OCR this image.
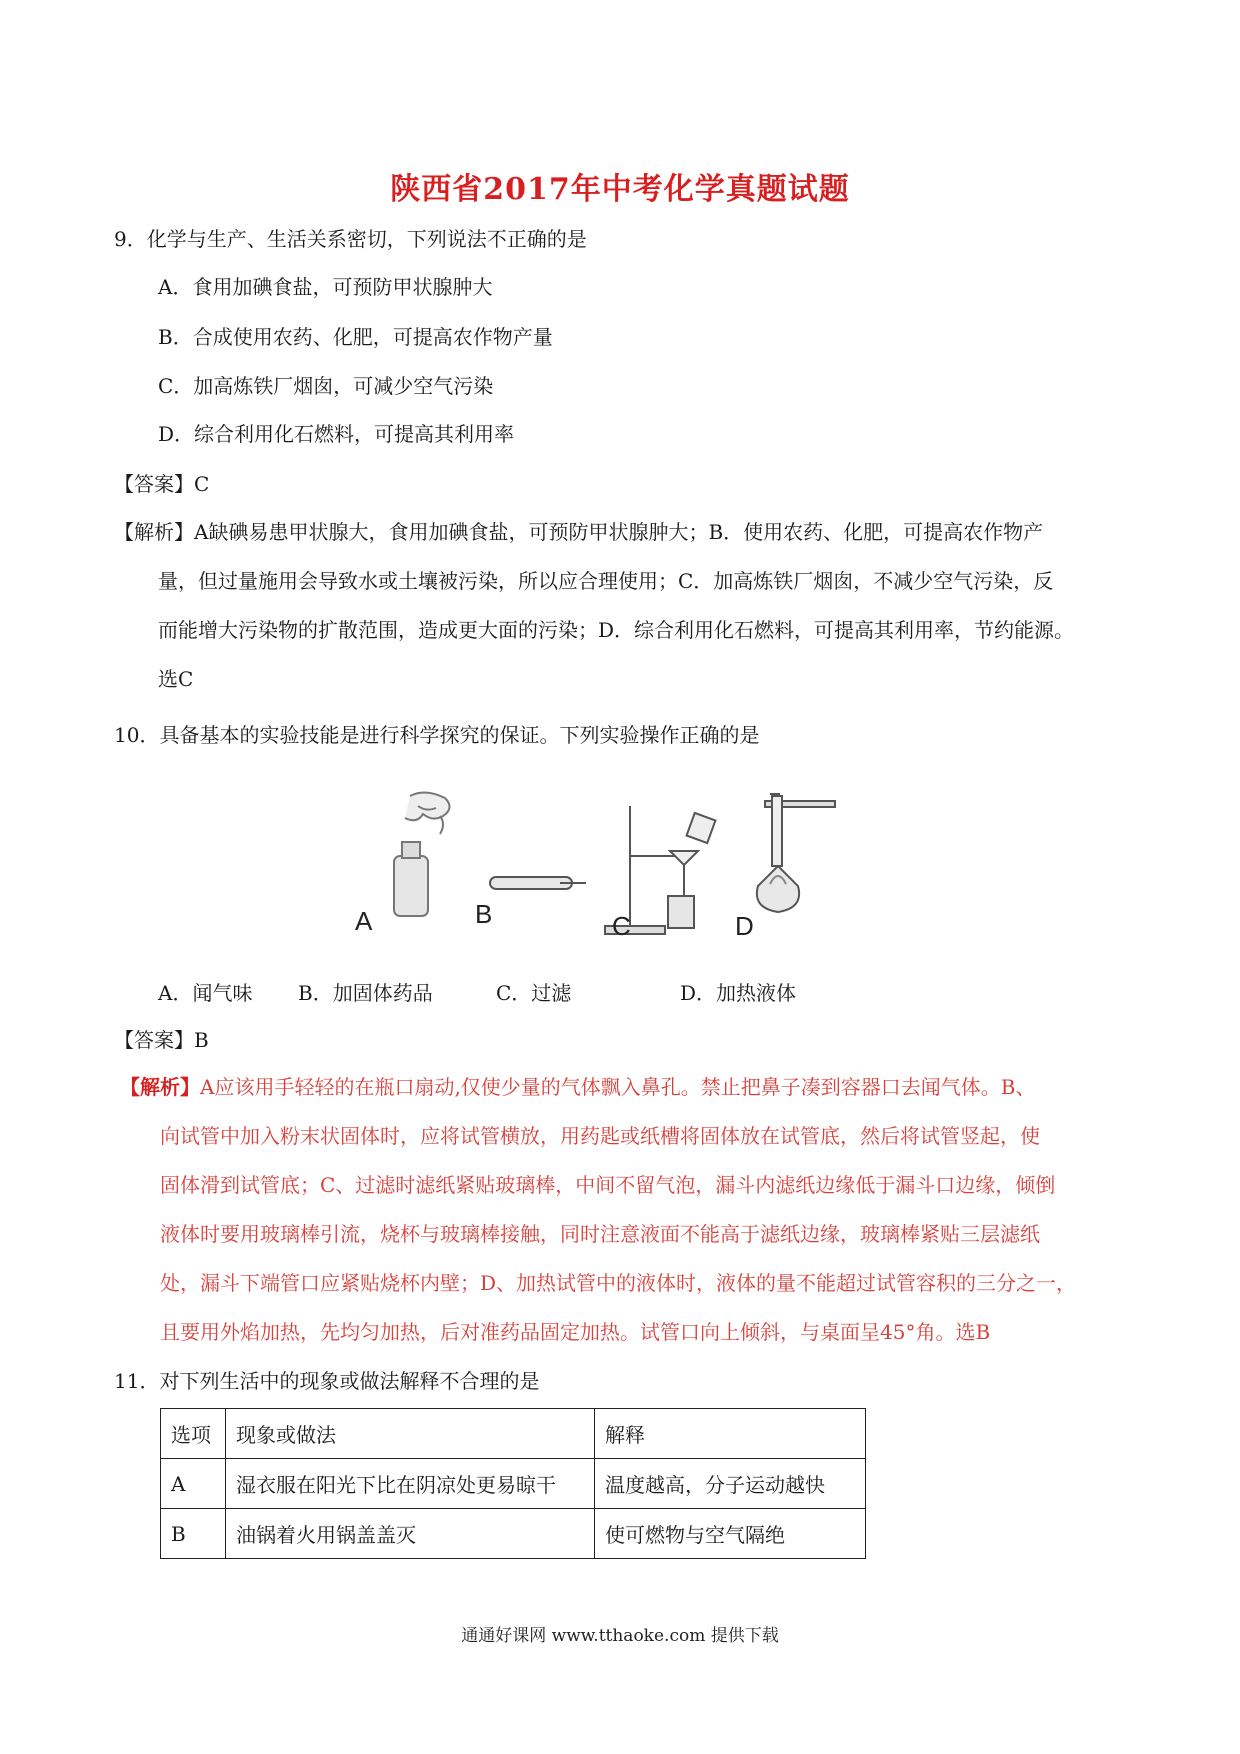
陕西省2017年中考化学真题试题
9．化学与生产、生活关系密切，下列说法不正确的是
A．食用加碘食盐，可预防甲状腺肿大
B．合成使用农药、化肥，可提高农作物产量
C．加高炼铁厂烟囱，可减少空气污染
D．综合利用化石燃料，可提高其利用率
【答案】C
【解析】A缺碘易患甲状腺大，食用加碘食盐，可预防甲状腺肿大；B．使用农药、化肥，可提高农作物产
量，但过量施用会导致水或土壤被污染，所以应合理使用；C．加高炼铁厂烟囱，不减少空气污染，反
而能增大污染物的扩散范围，造成更大面的污染；D．综合利用化石燃料，可提高其利用率，节约能源。
选C
10．具备基本的实验技能是进行科学探究的保证。下列实验操作正确的是
A	B	C	D
A．闻气味 B．加固体药品	C．过滤	D．加热液体
【答案】B
【解析】A应该用手轻轻的在瓶口扇动,仅使少量的气体飘入鼻孔。禁止把鼻子凑到容器口去闻气体。B、
向试管中加入粉末状固体时，应将试管横放，用药匙或纸槽将固体放在试管底，然后将试管竖起，使
固体滑到试管底；C、过滤时滤纸紧贴玻璃棒，中间不留气泡，漏斗内滤纸边缘低于漏斗口边缘，倾倒
液体时要用玻璃棒引流，烧杯与玻璃棒接触，同时注意液面不能高于滤纸边缘，玻璃棒紧贴三层滤纸
处，漏斗下端管口应紧贴烧杯内壁；D、加热试管中的液体时，液体的量不能超过试管容积的三分之一，
且要用外焰加热，先均匀加热，后对准药品固定加热。试管口向上倾斜，与桌面呈45°角。选B
11．对下列生活中的现象或做法解释不合理的是
选项	现象或做法	解释
A	湿衣服在阳光下比在阴凉处更易晾干	温度越高，分子运动越快
B	油锅着火用锅盖盖灭	使可燃物与空气隔绝
通通好课网 www.tthaoke.com 提供下载
